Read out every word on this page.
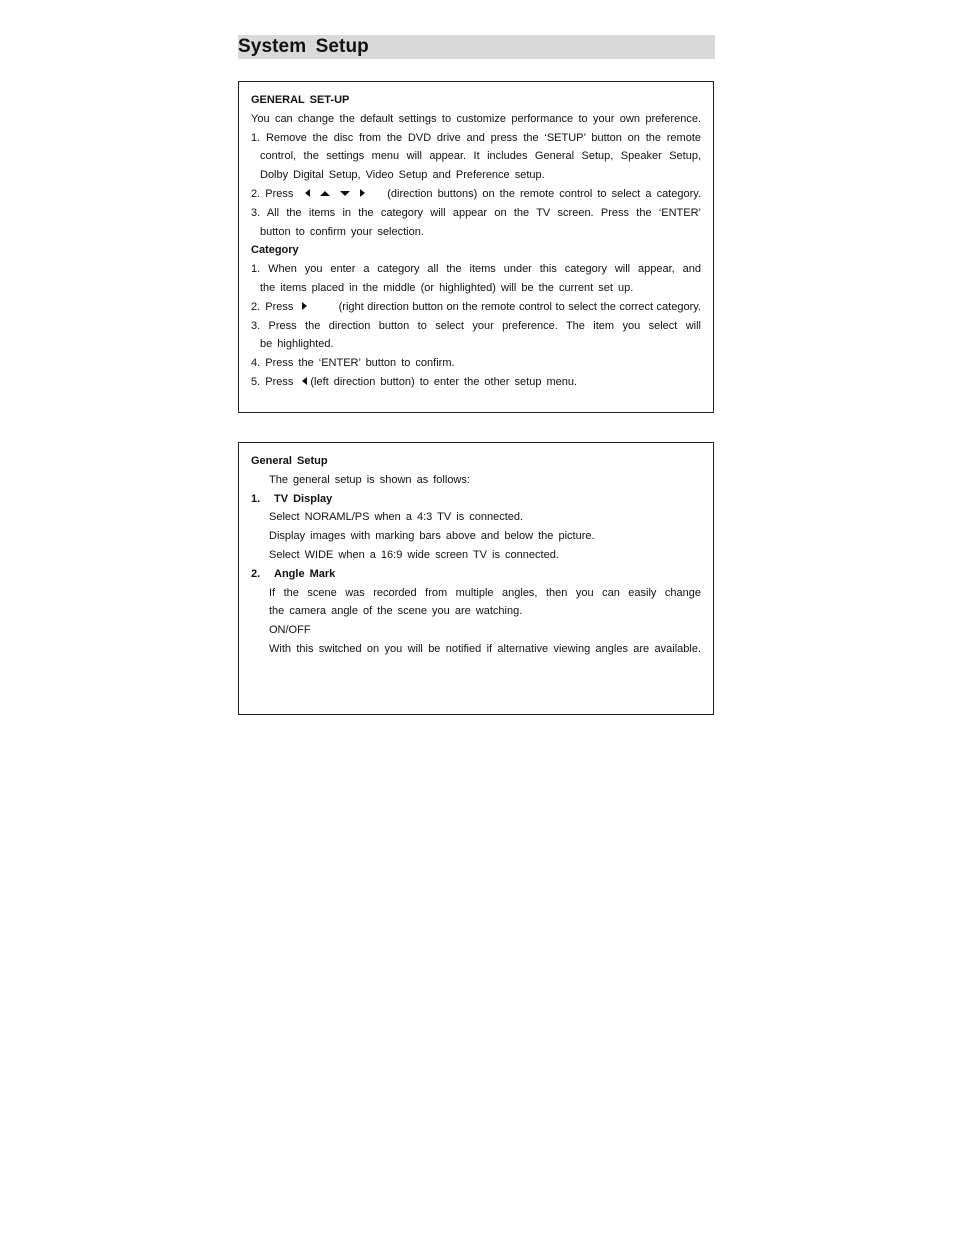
System Setup
GENERAL SET-UP
You can change the default settings to customize performance to your own preference.
1. Remove the disc from the DVD drive and press the ‘SETUP’ button on the remote
control, the settings menu will appear. It includes General Setup, Speaker Setup,
Dolby Digital Setup, Video Setup and Preference setup.
2. Press	(direction buttons) on the remote control to select a category.
3. All the items in the category will appear on the TV screen. Press the ‘ENTER’
button to confirm your selection.
Category
1. When you enter a category all the items under this category will appear, and
the items placed in the middle (or highlighted) will be the current set up.
2. Press	(right direction button on the remote control to select the correct category.
3. Press the direction button to select your preference. The item you select will
be highlighted.
4. Press the ‘ENTER’ button to confirm.
5. Press (left direction button) to enter the other setup menu.
General Setup
The general setup is shown as follows:
1. TV Display
Select NORAML/PS when a 4:3 TV is connected.
Display images with marking bars above and below the picture.
Select WIDE when a 16:9 wide screen TV is connected.
2. Angle Mark
If the scene was recorded from multiple angles, then you can easily change
the camera angle of the scene you are watching.
ON/OFF
With this switched on you will be notified if alternative viewing angles are available.
